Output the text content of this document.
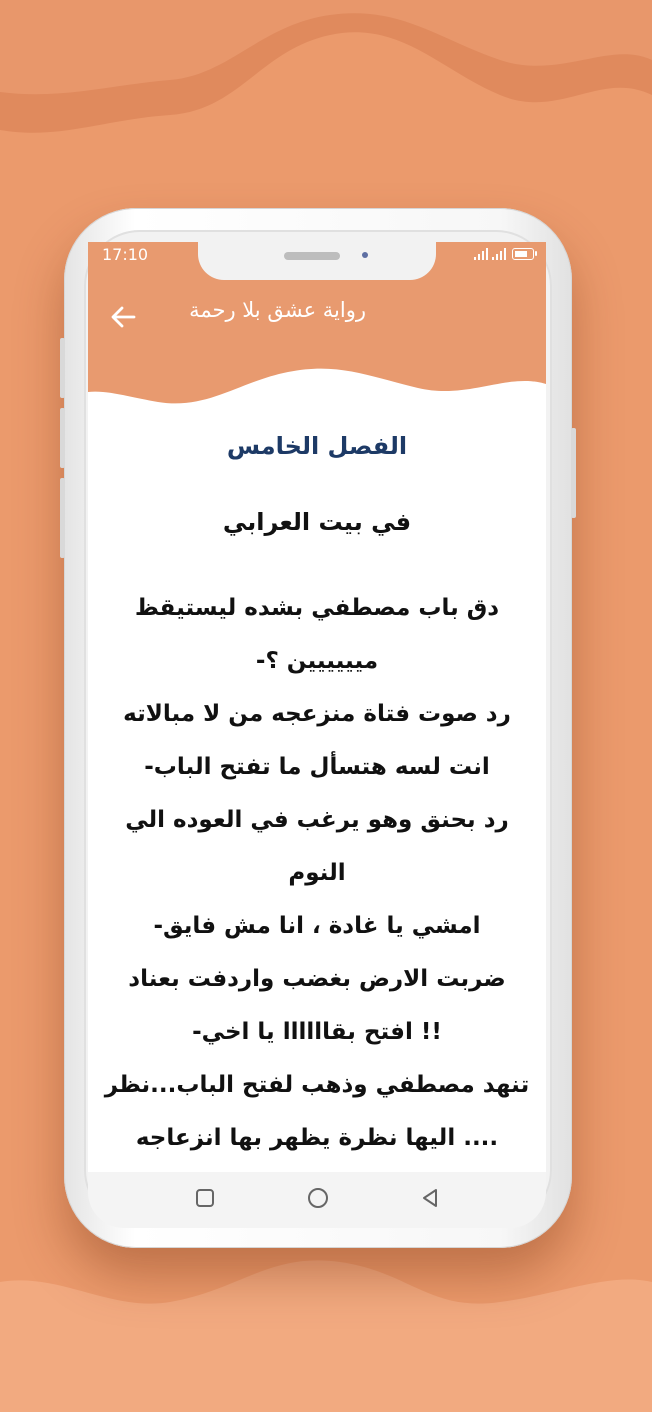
17:10
رواية عشق بلا رحمة
الفصل الخامس

في بيت العرابي

دق باب مصطفي بشده ليستيقظ
ميييييين ؟-
رد صوت فتاة منزعجه من لا مبالاته
انت لسه هتسأل ما تفتح الباب-
رد بحنق وهو يرغب في العوده الي
النوم
امشي يا غادة ، انا مش فايق-
ضربت الارض بغضب واردفت بعناد
!! افتح بقاااااا يا اخي-
تنهد مصطفي وذهب لفتح الباب...نظر
.... اليها نظرة يظهر بها انزعاجه
